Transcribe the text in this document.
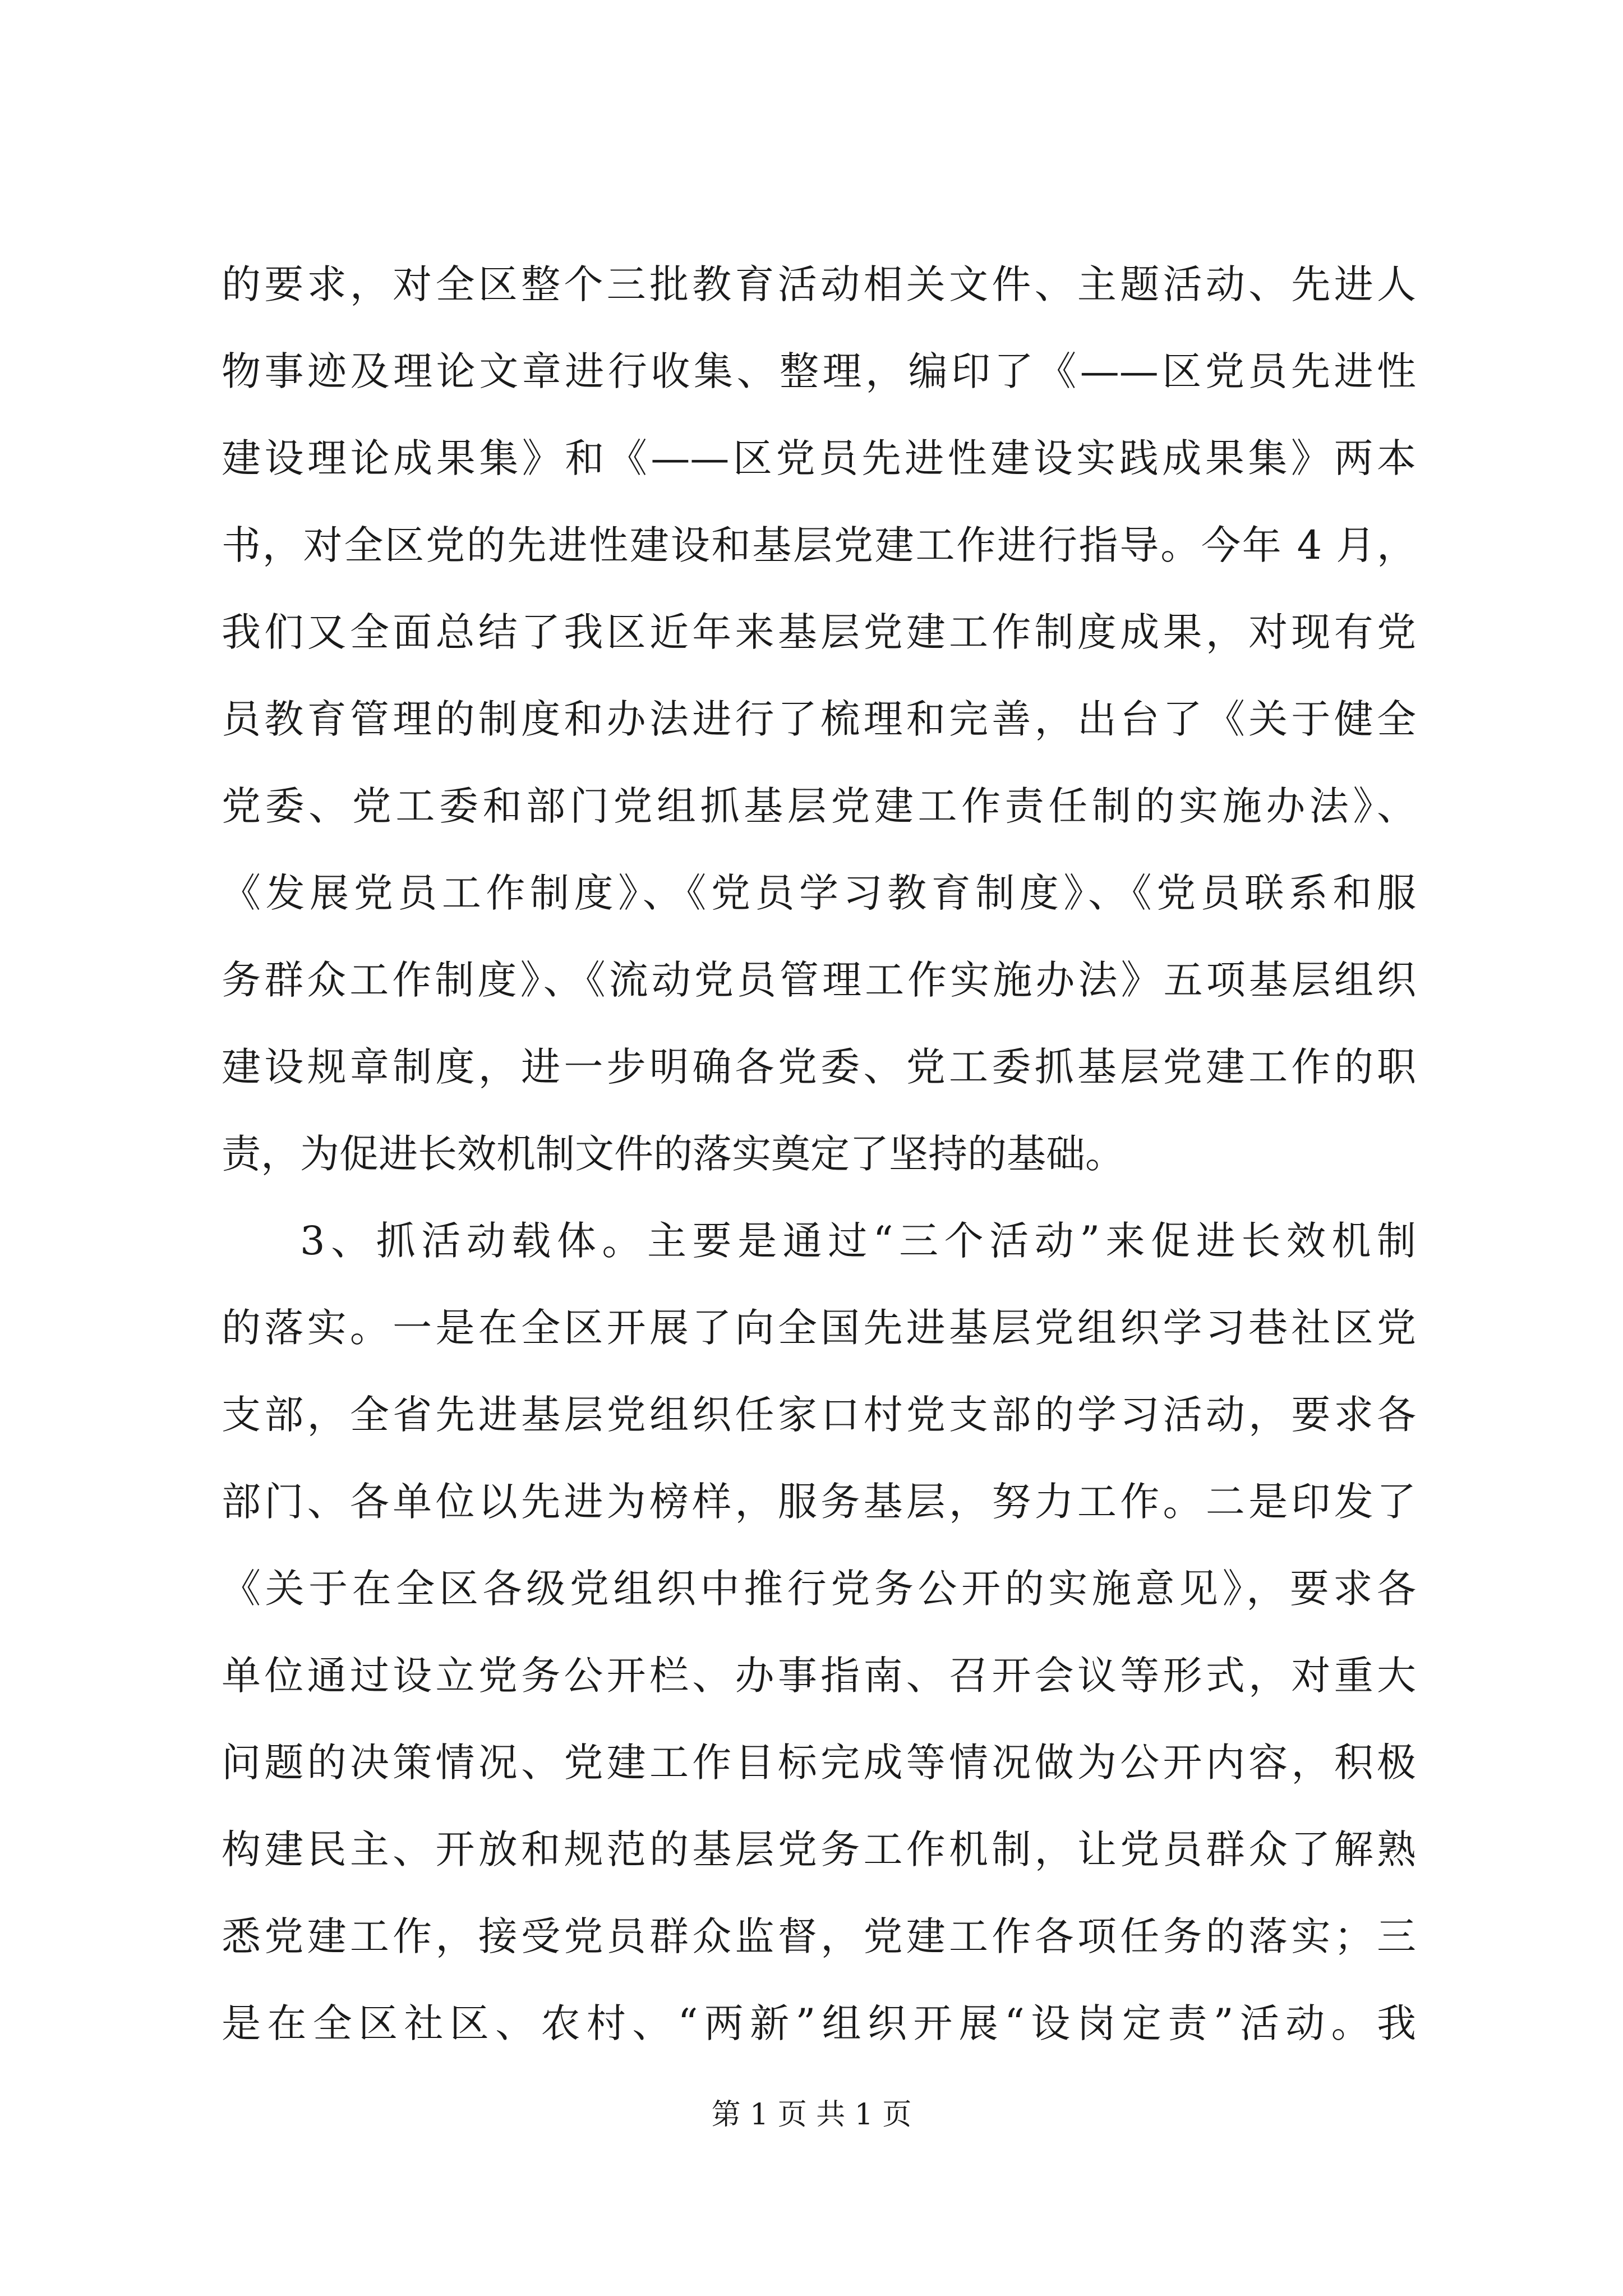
的要求，对全区整个三批教育活动相关文件、主题活动、先进人
物事迹及理论文章进行收集、整理，编印了《——区党员先进性
建设理论成果集》和《——区党员先进性建设实践成果集》两本
书，对全区党的先进性建设和基层党建工作进行指导。今年 4 月，
我们又全面总结了我区近年来基层党建工作制度成果，对现有党
员教育管理的制度和办法进行了梳理和完善，出台了《关于健全
党委、党工委和部门党组抓基层党建工作责任制的实施办法》、
《发展党员工作制度》、《党员学习教育制度》、《党员联系和服
务群众工作制度》、《流动党员管理工作实施办法》五项基层组织
建设规章制度，进一步明确各党委、党工委抓基层党建工作的职
责，为促进长效机制文件的落实奠定了坚持的基础。
3、抓活动载体。主要是通过“三个活动”来促进长效机制
的落实。一是在全区开展了向全国先进基层党组织学习巷社区党
支部，全省先进基层党组织任家口村党支部的学习活动，要求各
部门、各单位以先进为榜样，服务基层，努力工作。二是印发了
《关于在全区各级党组织中推行党务公开的实施意见》，要求各
单位通过设立党务公开栏、办事指南、召开会议等形式，对重大
问题的决策情况、党建工作目标完成等情况做为公开内容，积极
构建民主、开放和规范的基层党务工作机制，让党员群众了解熟
悉党建工作，接受党员群众监督，党建工作各项任务的落实；三
是在全区社区、农村、“两新”组织开展“设岗定责”活动。我
第 1 页 共 1 页
